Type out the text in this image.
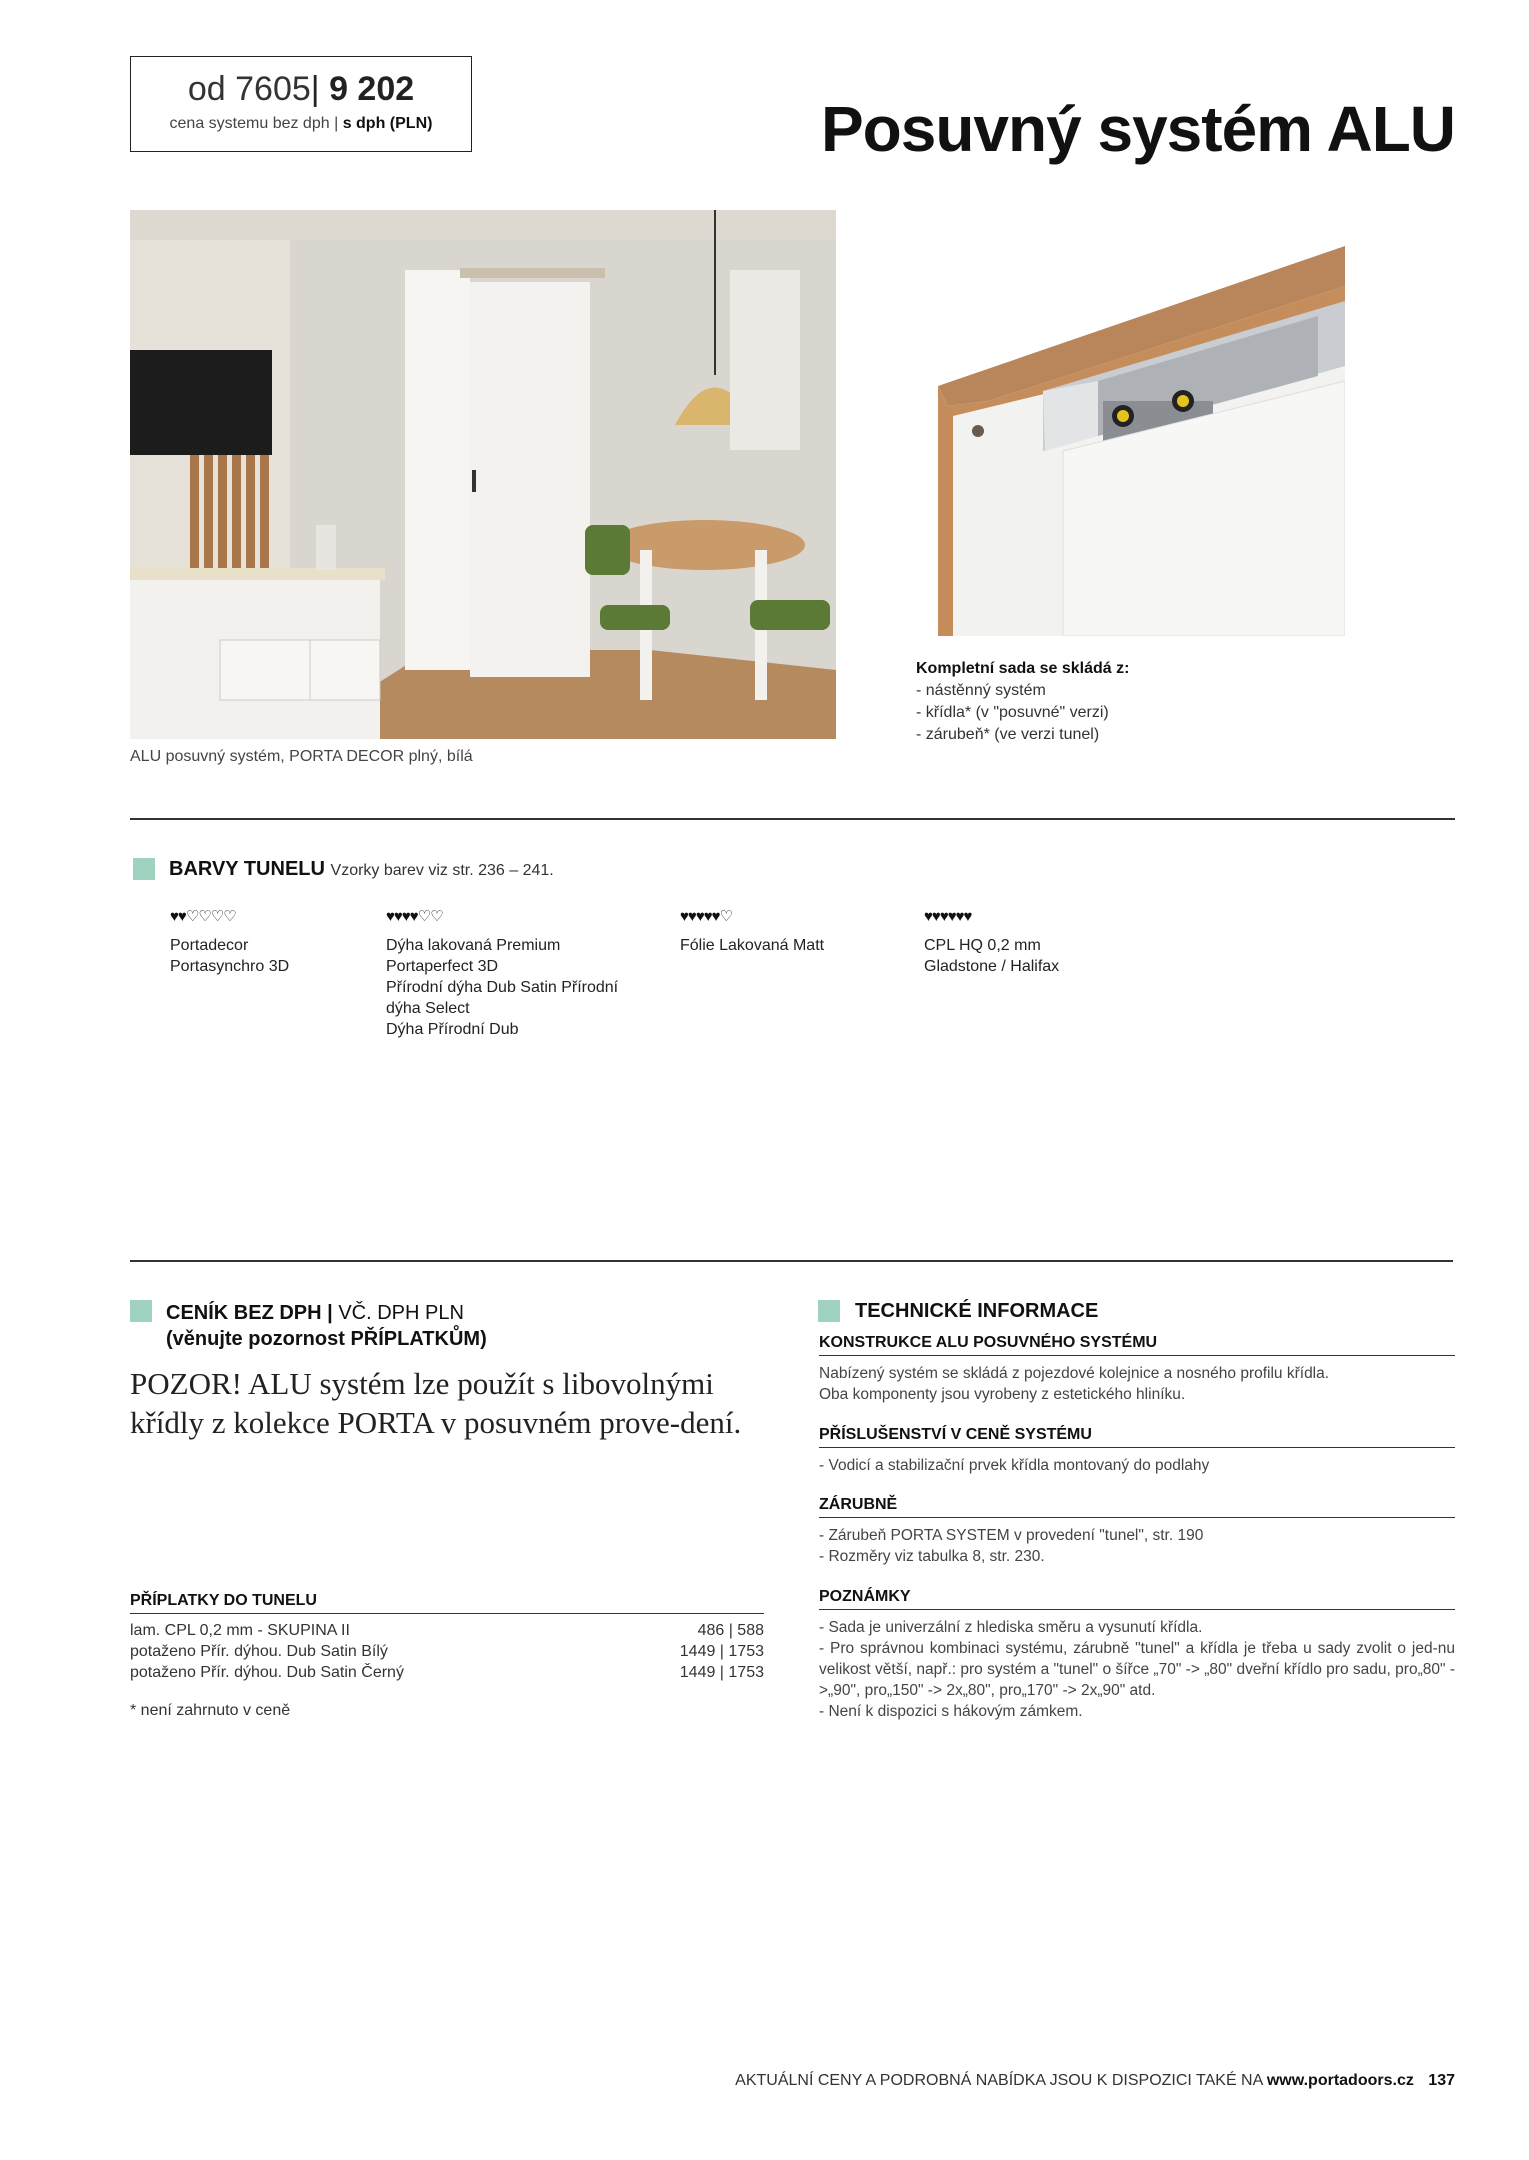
od 7605| 9 202
cena systemu bez dph | s dph (PLN)	Posuvný systém ALU
ALU posuvný systém, PORTA DECOR plný, bílá
Kompletní sada se skládá z:
- nástěnný systém
- křídla* (v "posuvné" verzi)
- zárubeň* (ve verzi tunel)
BARVY TUNELU Vzorky barev viz str. 236 – 241.
♥♥♡♡♡♡
Portadecor
Portasynchro 3D
♥♥♥♥♡♡
Dýha lakovaná Premium
Portaperfect 3D
Přírodní dýha Dub Satin Přírodní
dýha Select
Dýha Přírodní Dub
♥♥♥♥♥♡
Fólie Lakovaná Matt
♥♥♥♥♥♥
CPL HQ 0,2 mm
Gladstone / Halifax
CENÍK BEZ DPH | VČ. DPH PLN
(věnujte pozornost PŘÍPLATKŮM)
POZOR! ALU systém lze použít s libovolnými křídly z kolekce PORTA v posuvném prove-dení.
PŘÍPLATKY DO TUNELU
lam. CPL 0,2 mm - SKUPINA II	486 | 588
potaženo Přír. dýhou. Dub Satin Bílý	1449 | 1753
potaženo Přír. dýhou. Dub Satin Černý	1449 | 1753
* není zahrnuto v ceně
TECHNICKÉ INFORMACE
KONSTRUKCE ALU POSUVNÉHO SYSTÉMU
Nabízený systém se skládá z pojezdové kolejnice a nosného profilu křídla.
Oba komponenty jsou vyrobeny z estetického hliníku.
PŘÍSLUŠENSTVÍ V CENĚ SYSTÉMU
- Vodicí a stabilizační prvek křídla montovaný do podlahy
ZÁRUBNĚ
- Zárubeň PORTA SYSTEM v provedení "tunel", str. 190
- Rozměry viz tabulka 8, str. 230.
POZNÁMKY
- Sada je univerzální z hlediska směru a vysunutí křídla.
- Pro správnou kombinaci systému, zárubně "tunel" a křídla je třeba u sady zvolit o jed-nu velikost větší, např.: pro systém a "tunel" o šířce „70" -> „80" dveřní křídlo pro sadu, pro„80" - >„90", pro„150" -> 2x„80", pro„170" -> 2x„90" atd.
- Není k dispozici s hákovým zámkem.
AKTUÁLNÍ CENY A PODROBNÁ NABÍDKA JSOU K DISPOZICI TAKÉ NA www.portadoors.cz 137
